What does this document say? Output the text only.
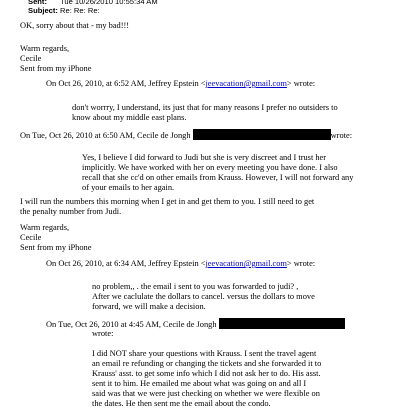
Sent: Tue 10/26/2010 10:55:34 AM
Subject: Re: Re: Re:
OK, sorry about that - my bad!!!
Warm regards,
Cecile
Sent from my iPhone
On Oct 26, 2010, at 6:52 AM, Jeffrey Epstein <jeevacation@gmail.com> wrote:
don't worrry, I understand, its just that for many reasons I prefer no outsiders to
know about my middle east plans.
On Tue, Oct 26, 2010 at 6:50 AM, Cecile de Jongh	wrote:
Yes, I believe I did forward to Judi but she is very discreet and I trust her
implicitly. We have worked with her on every meeting you have done. I also
recall that she cc'd on other emails from Krauss. However, I will not forward any
of your emails to her again.
I will run the numbers this morning when I get in and get them to you. I still need to get
the penalty number from Judi.
Warm regards,
Cecile
Sent from my iPhone
On Oct 26, 2010, at 6:34 AM, Jeffrey Epstein <jeevacation@gmail.com> wrote:
no problem,, . the email i sent to you was forwarded to judi? ,
After we caclulate the dollars to cancel. versus the dollars to move
forward, we will make a decision.
On Tue, Oct 26, 2010 at 4:45 AM, Cecile de Jongh
wrote:
I did NOT share your questions with Krauss. I sent the travel agent
an email re refunding or changing the tickets and she forwarded it to
Krauss' asst. to get some info which I did not ask her to do. His asst.
sent it to him. He emailed me about what was going on and all I
said was that we were just checking on whether we were flexible on
the dates. He then sent me the email about the condo.
